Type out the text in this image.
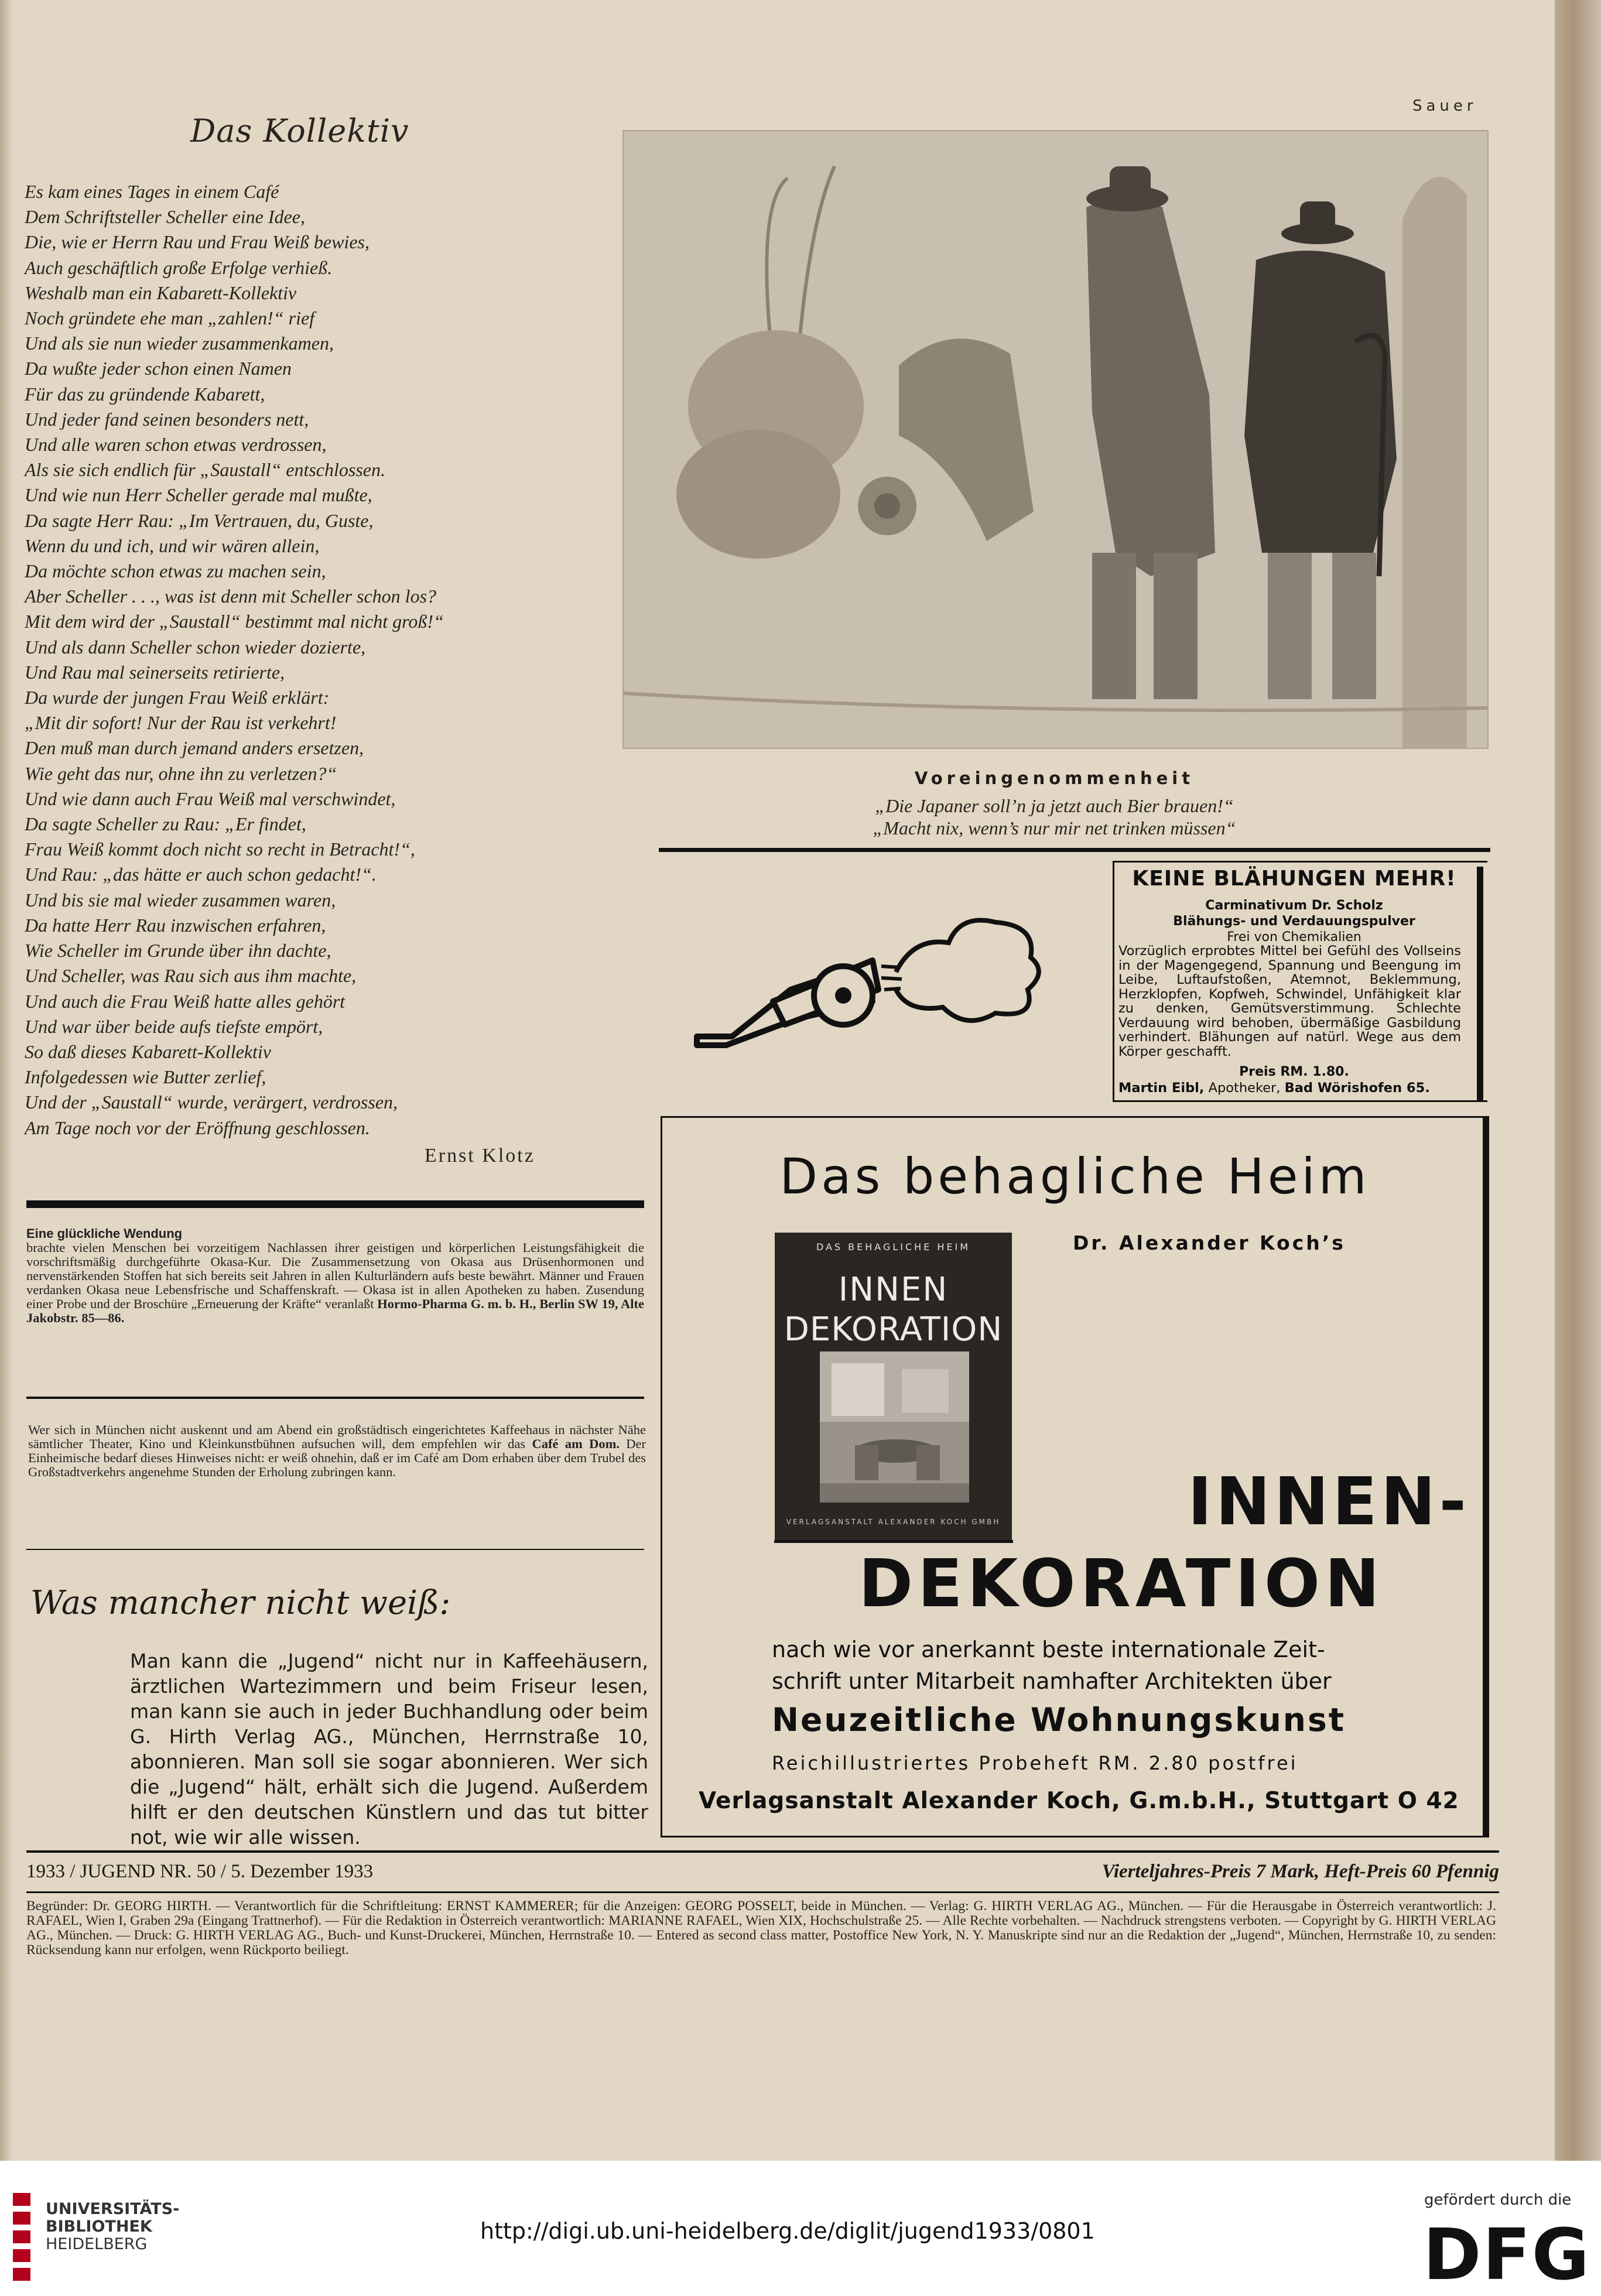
Das Kollektiv
Es kam eines Tages in einem Café
Dem Schriftsteller Scheller eine Idee,
Die, wie er Herrn Rau und Frau Weiß bewies,
Auch geschäftlich große Erfolge verhieß.
Weshalb man ein Kabarett-Kollektiv
Noch gründete ehe man „zahlen!“ rief
Und als sie nun wieder zusammenkamen,
Da wußte jeder schon einen Namen
Für das zu gründende Kabarett,
Und jeder fand seinen besonders nett,
Und alle waren schon etwas verdrossen,
Als sie sich endlich für „Saustall“ entschlossen.
Und wie nun Herr Scheller gerade mal mußte,
Da sagte Herr Rau: „Im Vertrauen, du, Guste,
Wenn du und ich, und wir wären allein,
Da möchte schon etwas zu machen sein,
Aber Scheller . . ., was ist denn mit Scheller schon los?
Mit dem wird der „Saustall“ bestimmt mal nicht groß!“
Und als dann Scheller schon wieder dozierte,
Und Rau mal seinerseits retirierte,
Da wurde der jungen Frau Weiß erklärt:
„Mit dir sofort! Nur der Rau ist verkehrt!
Den muß man durch jemand anders ersetzen,
Wie geht das nur, ohne ihn zu verletzen?“
Und wie dann auch Frau Weiß mal verschwindet,
Da sagte Scheller zu Rau: „Er findet,
Frau Weiß kommt doch nicht so recht in Betracht!“,
Und Rau: „das hätte er auch schon gedacht!“.
Und bis sie mal wieder zusammen waren,
Da hatte Herr Rau inzwischen erfahren,
Wie Scheller im Grunde über ihn dachte,
Und Scheller, was Rau sich aus ihm machte,
Und auch die Frau Weiß hatte alles gehört
Und war über beide aufs tiefste empört,
So daß dieses Kabarett-Kollektiv
Infolgedessen wie Butter zerlief,
Und der „Saustall“ wurde, verärgert, verdrossen,
Am Tage noch vor der Eröffnung geschlossen.
Ernst Klotz
Eine glückliche Wendung
brachte vielen Menschen bei vorzeitigem Nachlassen ihrer geistigen und körperlichen Leistungsfähigkeit die vorschriftsmäßig durchgeführte Okasa-Kur. Die Zusammensetzung von Okasa aus Drüsenhormonen und nervenstärkenden Stoffen hat sich bereits seit Jahren in allen Kulturländern aufs beste bewährt. Männer und Frauen verdanken Okasa neue Lebensfrische und Schaffenskraft. — Okasa ist in allen Apotheken zu haben. Zusendung einer Probe und der Broschüre „Erneuerung der Kräfte“ veranlaßt Hormo-Pharma G. m. b. H., Berlin SW 19, Alte Jakobstr. 85—86.
Wer sich in München nicht auskennt und am Abend ein großstädtisch eingerichtetes Kaffeehaus in nächster Nähe sämtlicher Theater, Kino und Kleinkunstbühnen aufsuchen will, dem empfehlen wir das Café am Dom. Der Einheimische bedarf dieses Hinweises nicht: er weiß ohnehin, daß er im Café am Dom erhaben über dem Trubel des Großstadtverkehrs angenehme Stunden der Erholung zubringen kann.
Was mancher nicht weiß:
Man kann die „Jugend“ nicht nur in Kaffeehäusern, ärztlichen Wartezimmern und beim Friseur lesen, man kann sie auch in jeder Buchhandlung oder beim G. Hirth Verlag AG., München, Herrnstraße 10, abonnieren. Man soll sie sogar abonnieren. Wer sich die „Jugend“ hält, erhält sich die Jugend. Außerdem hilft er den deutschen Künstlern und das tut bitter not, wie wir alle wissen.
Sauer
Voreingenommenheit
„Die Japaner soll’n ja jetzt auch Bier brauen!“
„Macht nix, wenn’s nur mir net trinken müssen“
KEINE BLÄHUNGEN MEHR!
Carminativum Dr. Scholz
Blähungs- und Verdauungspulver
Frei von Chemikalien
Vorzüglich erprobtes Mittel bei Gefühl des Vollseins in der Magengegend, Spannung und Beengung im Leibe, Luftaufstoßen, Atemnot, Beklemmung, Herzklopfen, Kopfweh, Schwindel, Unfähigkeit klar zu denken, Gemütsverstimmung. Schlechte Verdauung wird behoben, übermäßige Gasbildung verhindert. Blähungen auf natürl. Wege aus dem Körper geschafft.
Preis RM. 1.80.
Martin Eibl, Apotheker, Bad Wörishofen 65.
Das behagliche Heim
Dr. Alexander Koch’s
DAS BEHAGLICHE HEIM
INNEN
DEKORATION
VERLAGSANSTALT ALEXANDER KOCH GMBH	INNEN-
DEKORATION
nach wie vor anerkannt beste internationale Zeit-
schrift unter Mitarbeit namhafter Architekten über
Neuzeitliche Wohnungskunst
Reichillustriertes Probeheft RM. 2.80 postfrei
Verlagsanstalt Alexander Koch, G.m.b.H., Stuttgart O 42
1933 / JUGEND NR. 50 / 5. Dezember 1933	Vierteljahres-Preis 7 Mark, Heft-Preis 60 Pfennig
Begründer: Dr. GEORG HIRTH. — Verantwortlich für die Schriftleitung: ERNST KAMMERER; für die Anzeigen: GEORG POSSELT, beide in München. — Verlag: G. HIRTH VERLAG AG., München. — Für die Herausgabe in Österreich verantwortlich: J. RAFAEL, Wien I, Graben 29a (Eingang Trattnerhof). — Für die Redaktion in Österreich verantwortlich: MARIANNE RAFAEL, Wien XIX, Hochschulstraße 25. — Alle Rechte vorbehalten. — Nachdruck strengstens verboten. — Copyright by G. HIRTH VERLAG AG., München. — Druck: G. HIRTH VERLAG AG., Buch- und Kunst-Druckerei, München, Herrnstraße 10. — Entered as second class matter, Postoffice New York, N. Y. Manuskripte sind nur an die Redaktion der „Jugend“, München, Herrnstraße 10, zu senden: Rücksendung kann nur erfolgen, wenn Rückporto beiliegt.
UNIVERSITÄTS-
BIBLIOTHEK
HEIDELBERG
http://digi.ub.uni-heidelberg.de/diglit/jugend1933/0801
gefördert durch die
DFG
